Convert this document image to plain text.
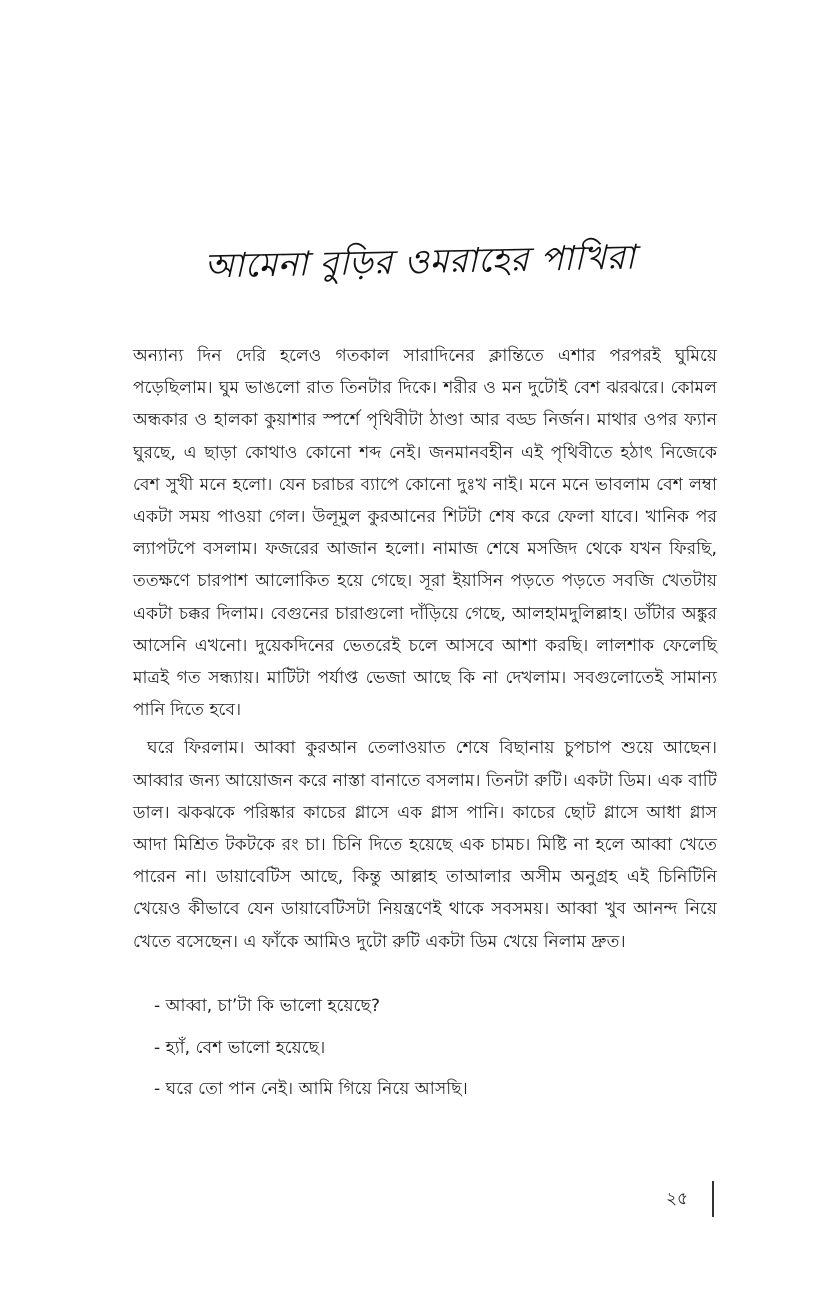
আমেনা বুড়ির ওমরাহের পাখিরা

অন্যান্য দিন দেরি হলেও গতকাল সারাদিনের ক্লান্তিতে এশার পরপরই ঘুমিয়ে পড়েছিলাম। ঘুম ভাঙলো রাত তিনটার দিকে। শরীর ও মন দুটোই বেশ ঝরঝরে। কোমল অন্ধকার ও হালকা কুয়াশার স্পর্শে পৃথিবীটা ঠাণ্ডা আর বড্ড নির্জন। মাথার ওপর ফ্যান ঘুরছে, এ ছাড়া কোথাও কোনো শব্দ নেই। জনমানবহীন এই পৃথিবীতে হঠাৎ নিজেকে বেশ সুখী মনে হলো। যেন চরাচর ব্যাপে কোনো দুঃখ নাই। মনে মনে ভাবলাম বেশ লম্বা একটা সময় পাওয়া গেল। উলূমুল কুরআনের শিটটা শেষ করে ফেলা যাবে। খানিক পর ল্যাপটপে বসলাম। ফজরের আজান হলো। নামাজ শেষে মসজিদ থেকে যখন ফিরছি, ততক্ষণে চারপাশ আলোকিত হয়ে গেছে। সূরা ইয়াসিন পড়তে পড়তে সবজি খেতটায় একটা চক্কর দিলাম। বেগুনের চারাগুলো দাঁড়িয়ে গেছে, আলহামদুলিল্লাহ। ডাঁটার অঙ্কুর আসেনি এখনো। দুয়েকদিনের ভেতরেই চলে আসবে আশা করছি। লালশাক ফেলেছি মাত্রই গত সন্ধ্যায়। মাটিটা পর্যাপ্ত ভেজা আছে কি না দেখলাম। সবগুলোতেই সামান্য পানি দিতে হবে।

ঘরে ফিরলাম। আব্বা কুরআন তেলাওয়াত শেষে বিছানায় চুপচাপ শুয়ে আছেন। আব্বার জন্য আয়োজন করে নাস্তা বানাতে বসলাম। তিনটা রুটি। একটা ডিম। এক বাটি ডাল। ঝকঝকে পরিষ্কার কাচের গ্লাসে এক গ্লাস পানি। কাচের ছোট গ্লাসে আধা গ্লাস আদা মিশ্রিত টকটকে রং চা। চিনি দিতে হয়েছে এক চামচ। মিষ্টি না হলে আব্বা খেতে পারেন না। ডায়াবেটিস আছে, কিন্তু আল্লাহ তাআলার অসীম অনুগ্রহ এই চিনিটিনি খেয়েও কীভাবে যেন ডায়াবেটিসটা নিয়ন্ত্রণেই থাকে সবসময়। আব্বা খুব আনন্দ নিয়ে খেতে বসেছেন। এ ফাঁকে আমিও দুটো রুটি একটা ডিম খেয়ে নিলাম দ্রুত।

- আব্বা, চা’টা কি ভালো হয়েছে?

- হ্যাঁ, বেশ ভালো হয়েছে।

- ঘরে তো পান নেই। আমি গিয়ে নিয়ে আসছি।

২৫
